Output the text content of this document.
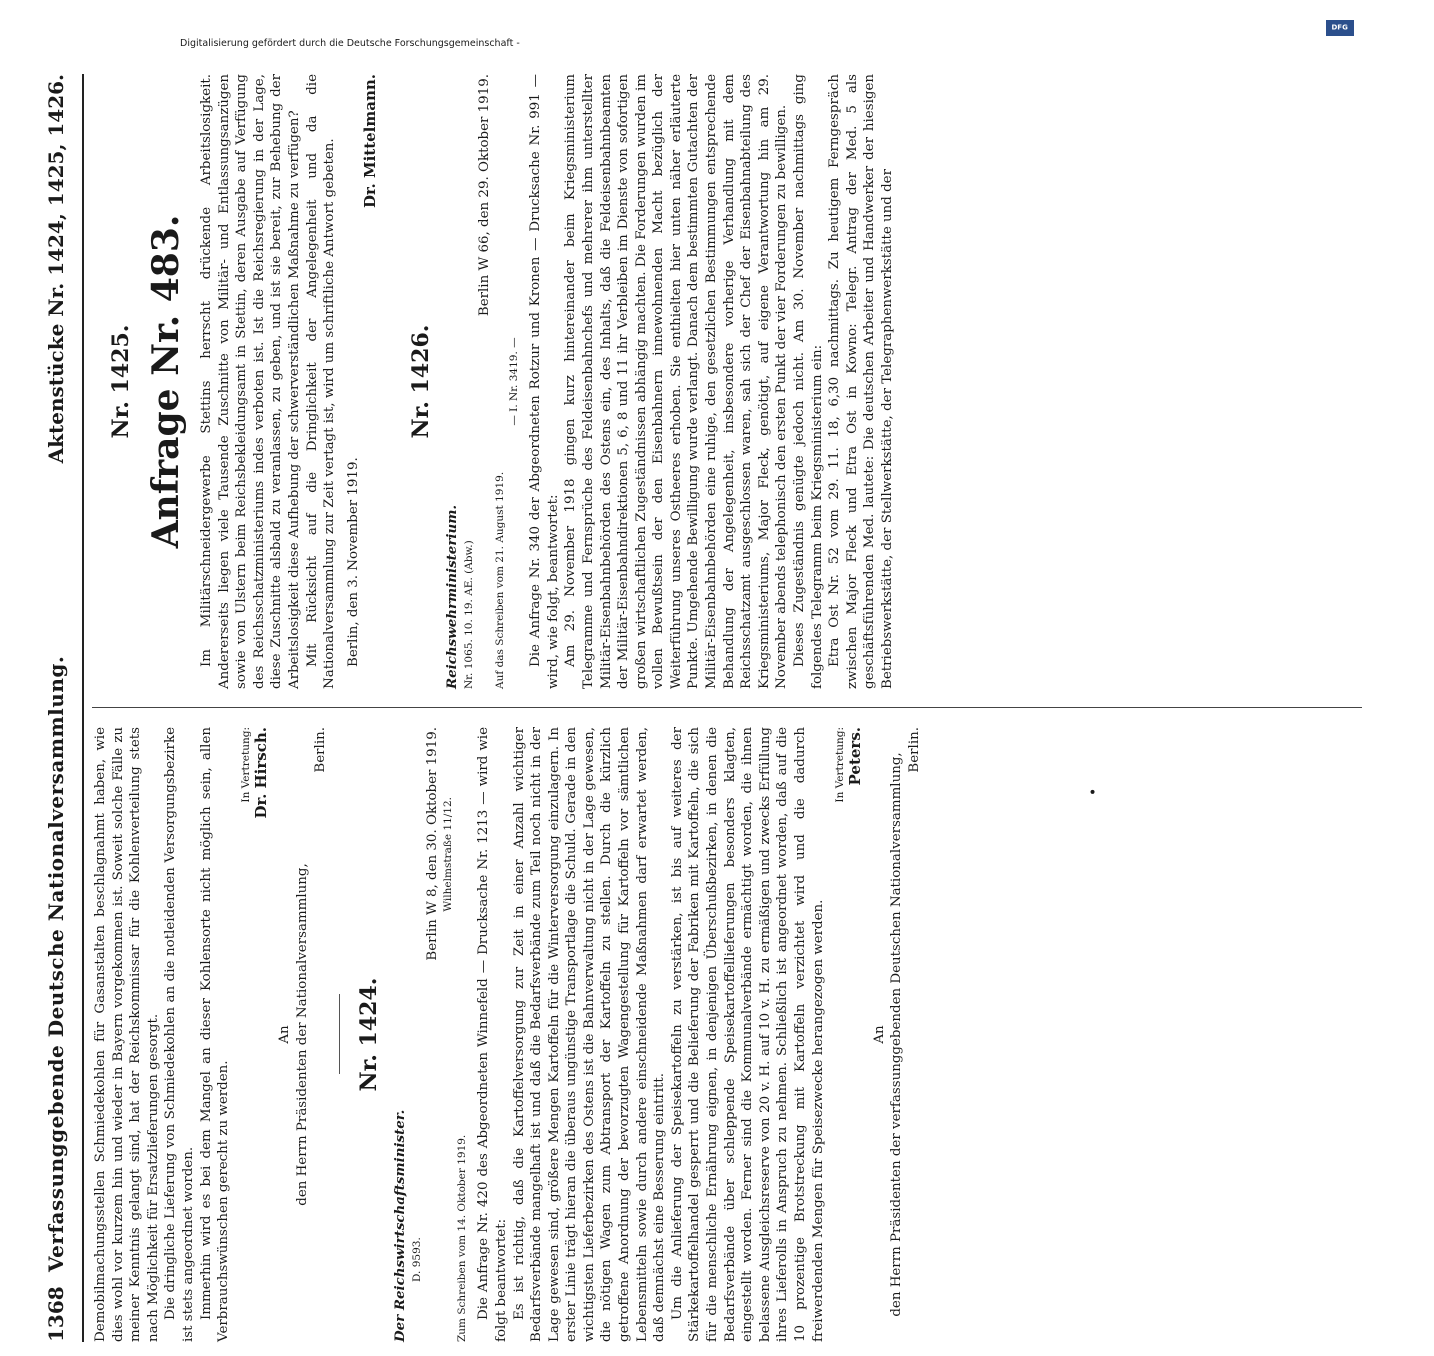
1368
Verfassunggebende Deutsche Nationalversammlung.
Aktenstücke Nr. 1424, 1425, 1426.

Demobilmachungsstellen Schmiedekohlen für Gasanstalten beschlagnahmt haben, wie dies wohl vor kurzem hin und wieder in Bayern vorgekommen ist. Soweit solche Fälle zu meiner Kenntnis gelangt sind, hat der Reichskommissar für die Kohlenverteilung stets nach Möglichkeit für Ersatzlieferungen gesorgt. Die dringliche Lieferung von Schmiedekohlen an die notleidenden Versorgungsbezirke ist stets angeordnet worden. Immerhin wird es bei dem Mangel an dieser Kohlensorte nicht möglich sein, allen Verbrauchswünschen gerecht zu werden.

In Vertretung: Dr. Hirsch.

An den Herrn Präsidenten der Nationalversammlung,

Berlin.

Nr. 1424.

Der Reichswirtschaftsminister. D. 9593.

Berlin W 8, den 30. Oktober 1919. Wilhelmstraße 11/12.

Zum Schreiben vom 14. Oktober 1919. Die Anfrage Nr. 420 des Abgeordneten Winnefeld — Drucksache Nr. 1213 — wird wie folgt beantwortet: Es ist richtig, daß die Kartoffelversorgung zur Zeit in einer Anzahl wichtiger Bedarfsverbände mangelhaft ist und daß die Bedarfsverbände zum Teil noch nicht in der Lage gewesen sind, größere Mengen Kartoffeln für die Winterversorgung einzulagern. In erster Linie trägt hieran die überaus ungünstige Transportlage die Schuld. Gerade in den wichtigsten Lieferbezirken des Ostens ist die Bahnverwaltung nicht in der Lage gewesen, die nötigen Wagen zum Abtransport der Kartoffeln zu stellen. Durch die kürzlich getroffene Anordnung der bevorzugten Wagengestellung für Kartoffeln vor sämtlichen Lebensmitteln sowie durch andere einschneidende Maßnahmen darf erwartet werden, daß demnächst eine Besserung eintritt. Um die Anlieferung der Speisekartoffeln zu verstärken, ist bis auf weiteres der Stärkekartoffelhandel gesperrt und die Belieferung der Fabriken mit Kartoffeln, die sich für die menschliche Ernährung eignen, in denjenigen Überschußbezirken, in denen die Bedarfsverbände über schleppende Speisekartoffellieferungen besonders klagten, eingestellt worden. Ferner sind die Kommunalverbände ermächtigt worden, die ihnen belassene Ausgleichsreserve von 20 v. H. auf 10 v. H. zu ermäßigen und zwecks Erfüllung ihres Lieferolls in Anspruch zu nehmen. Schließlich ist angeordnet worden, daß auf die 10 prozentige Brotstreckung mit Kartoffeln verzichtet wird und die dadurch freiwerdenden Mengen für Speisezwecke herangezogen werden.

In Vertretung: Peters.

An den Herrn Präsidenten der verfassunggebenden Deutschen Nationalversammlung,

Berlin.

Nr. 1425. Anfrage Nr. 483. Im Militärschneidergewerbe Stettins herrscht drückende Arbeitslosigkeit. Andererseits liegen viele Tausende Zuschnitte von Militär- und Entlassungsanzügen sowie von Ulstern beim Reichsbekleidungsamt in Stettin, deren Ausgabe auf Verfügung des Reichsschatzministeriums indes verboten ist. Ist die Reichsregierung in der Lage, diese Zuschnitte alsbald zu veranlassen, zu geben, und ist sie bereit, zur Behebung der Arbeitslosigkeit diese Aufhebung der schwerverständlichen Maßnahme zu verfügen? Mit Rücksicht auf die Dringlichkeit der Angelegenheit und da die Nationalversammlung zur Zeit vertagt ist, wird um schriftliche Antwort gebeten. Berlin, den 3. November 1919.

Dr. Mittelmann.

Nr. 1426.

Reichswehrministerium. Nr. 1065. 10. 19. AE. (Abw.)

Berlin W 66, den 29. Oktober 1919.

Auf das Schreiben vom 21. August 1919.

— I. Nr. 3419. — Die Anfrage Nr. 340 der Abgeordneten Rotzur und Kronen — Drucksache Nr. 991 — wird, wie folgt, beantwortet: Am 29. November 1918 gingen kurz hintereinander beim Kriegsministerium Telegramme und Fernsprüche des Feldeisenbahnchefs und mehrerer ihm unterstellter Militär-Eisenbahnbehörden des Ostens ein, des Inhalts, daß die Feldeisenbahnbeamten der Militär-Eisenbahndirektionen 5, 6, 8 und 11 ihr Verbleiben im Dienste von sofortigen großen wirtschaftlichen Zugeständnissen abhängig machten. Die Forderungen wurden im vollen Bewußtsein der den Eisenbahnern innewohnenden Macht bezüglich der Weiterführung unseres Ostheeres erhoben. Sie enthielten hier unten näher erläuterte Punkte. Umgehende Bewilligung wurde verlangt. Danach dem bestimmten Gutachten der Militär-Eisenbahnbehörden eine ruhige, den gesetzlichen Bestimmungen entsprechende Behandlung der Angelegenheit, insbesondere vorherige Verhandlung mit dem Reichsschatzamt ausgeschlossen waren, sah sich der Chef der Eisenbahnabteilung des Kriegsministeriums, Major Fleck, genötigt, auf eigene Verantwortung hin am 29. November abends telephonisch den ersten Punkt der vier Forderungen zu bewilligen. Dieses Zugeständnis genügte jedoch nicht. Am 30. November nachmittags ging folgendes Telegramm beim Kriegsministerium ein: Etra Ost Nr. 52 vom 29. 11. 18, 6,30 nachmittags. Zu heutigem Ferngespräch zwischen Major Fleck und Etra Ost in Kowno: Telegr. Antrag der Med. 5 als geschäftsführenden Med. lautete: Die deutschen Arbeiter und Handwerker der hiesigen Betriebswerkstätte, der Stellwerkstätte, der Telegraphenwerkstätte und der

•
Digitalisierung gefördert durch die Deutsche Forschungsgemeinschaft -
DFG
